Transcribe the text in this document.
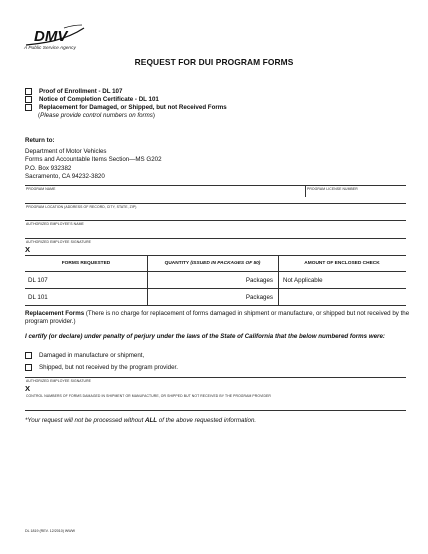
DMV
A Public Service Agency
REQUEST FOR DUI PROGRAM FORMS
Proof of Enrollment - DL 107
Notice of Completion Certificate - DL 101
Replacement for Damaged, or Shipped, but not Received Forms
(Please provide control numbers on forms)
Return to:
Department of Motor Vehicles
Forms and Accountable Items Section—MS G202
P.O. Box 932382
Sacramento, CA 94232-3820
PROGRAM NAME	PROGRAM LICENSE NUMBER
PROGRAM LOCATION (ADDRESS OF RECORD, CITY, STATE, ZIP)
AUTHORIZED EMPLOYEE'S NAME
AUTHORIZED EMPLOYEE SIGNATURE
X
FORMS REQUESTED	QUANTITY (ISSUED IN PACKAGES OF 50)	AMOUNT OF ENCLOSED CHECK
DL 107	Packages Not Applicable
DL 101	Packages
Replacement Forms (There is no charge for replacement of forms damaged in shipment or manufacture, or shipped but not received by the program provider.)
I certify (or declare) under penalty of perjury under the laws of the State of California that the below numbered forms were:
Damaged in manufacture or shipment,
Shipped, but not received by the program provider.
AUTHORIZED EMPLOYEE SIGNATURE
X
CONTROL NUMBERS OF FORMS DAMAGED IN SHIPMENT OR MANUFACTURE, OR SHIPPED BUT NOT RECEIVED BY THE PROGRAM PROVIDER
*Your request will not be processed without ALL of the above requested information.
DL 1819 (REV. 12/2010) WWW
